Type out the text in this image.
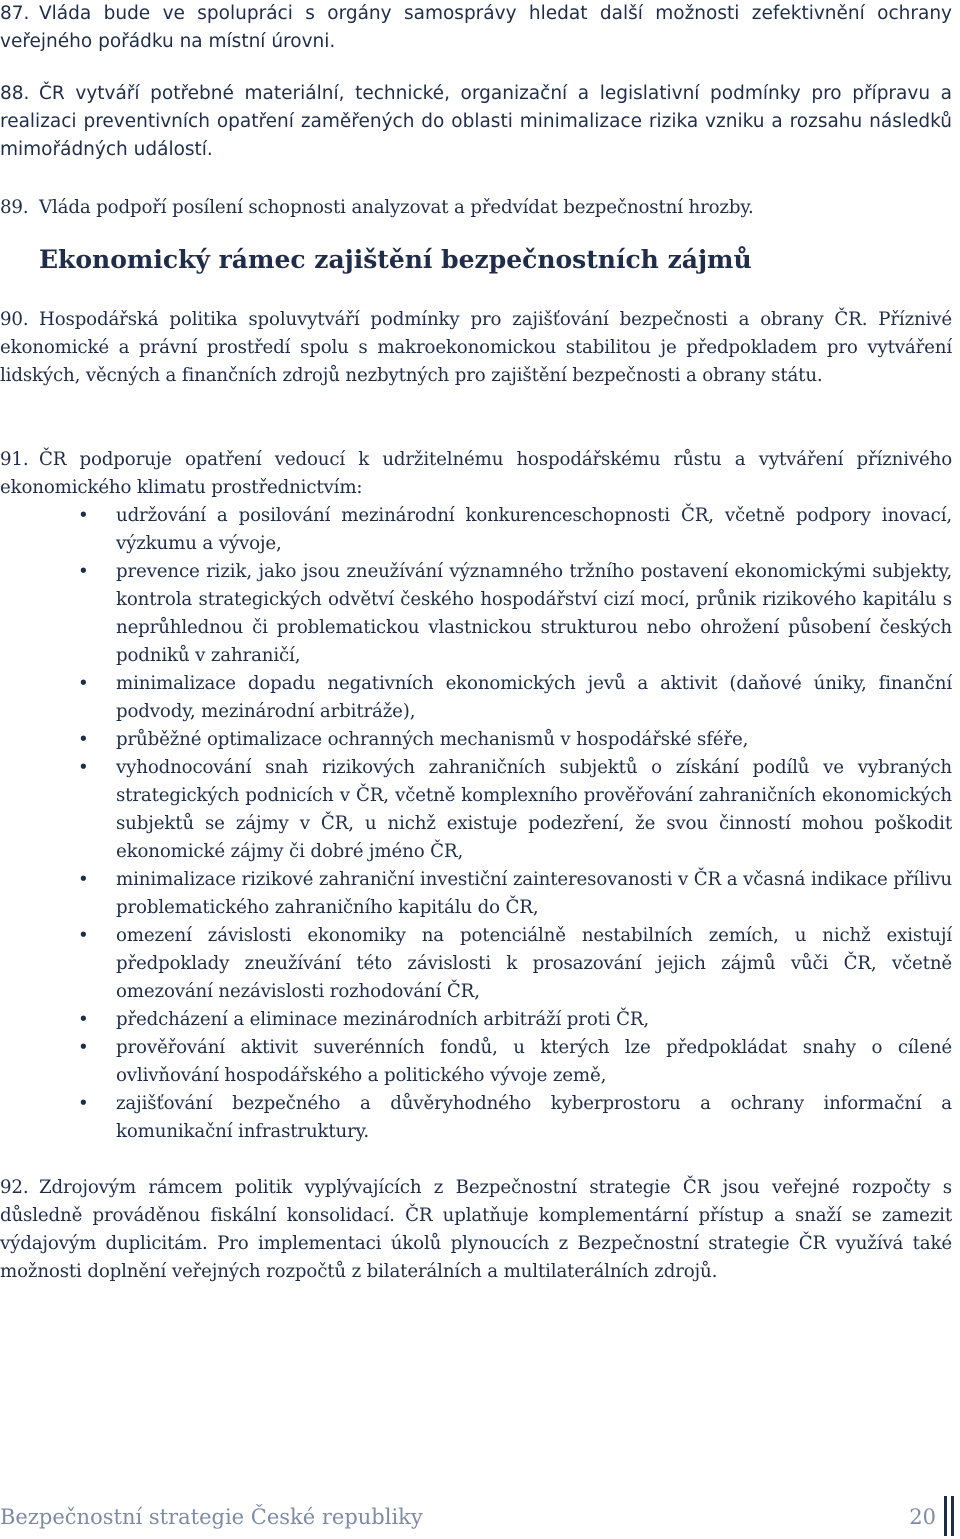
87. Vláda bude ve spolupráci s orgány samosprávy hledat další možnosti zefektivnění ochrany veřejného pořádku na místní úrovni.
88. ČR vytváří potřebné materiální, technické, organizační a legislativní podmínky pro přípravu a realizaci preventivních opatření zaměřených do oblasti minimalizace rizika vzniku a rozsahu následků mimořádných událostí.
89. Vláda podpoří posílení schopnosti analyzovat a předvídat bezpečnostní hrozby.
Ekonomický rámec zajištění bezpečnostních zájmů
90. Hospodářská politika spoluvytváří podmínky pro zajišťování bezpečnosti a obrany ČR. Příznivé ekonomické a právní prostředí spolu s makroekonomickou stabilitou je předpokladem pro vytváření lidských, věcných a finančních zdrojů nezbytných pro zajištění bezpečnosti a obrany státu.
91. ČR podporuje opatření vedoucí k udržitelnému hospodářskému růstu a vytváření příznivého ekonomického klimatu prostřednictvím:
• udržování a posilování mezinárodní konkurenceschopnosti ČR, včetně podpory inovací, výzkumu a vývoje,
• prevence rizik, jako jsou zneužívání významného tržního postavení ekonomickými subjekty, kontrola strategických odvětví českého hospodářství cizí mocí, průnik rizikového kapitálu s neprůhlednou či problematickou vlastnickou strukturou nebo ohrožení působení českých podniků v zahraničí,
• minimalizace dopadu negativních ekonomických jevů a aktivit (daňové úniky, finanční podvody, mezinárodní arbitráže),
• průběžné optimalizace ochranných mechanismů v hospodářské sféře,
• vyhodnocování snah rizikových zahraničních subjektů o získání podílů ve vybraných strategických podnicích v ČR, včetně komplexního prověřování zahraničních ekonomických subjektů se zájmy v ČR, u nichž existuje podezření, že svou činností mohou poškodit ekonomické zájmy či dobré jméno ČR,
• minimalizace rizikové zahraniční investiční zainteresovanosti v ČR a včasná indikace přílivu problematického zahraničního kapitálu do ČR,
• omezení závislosti ekonomiky na potenciálně nestabilních zemích, u nichž existují předpoklady zneužívání této závislosti k prosazování jejich zájmů vůči ČR, včetně omezování nezávislosti rozhodování ČR,
• předcházení a eliminace mezinárodních arbitráží proti ČR,
• prověřování aktivit suverénních fondů, u kterých lze předpokládat snahy o cílené ovlivňování hospodářského a politického vývoje země,
• zajišťování bezpečného a důvěryhodného kyberprostoru a ochrany informační a komunikační infrastruktury.
92. Zdrojovým rámcem politik vyplývajících z Bezpečnostní strategie ČR jsou veřejné rozpočty s důsledně prováděnou fiskální konsolidací. ČR uplatňuje komplementární přístup a snaží se zamezit výdajovým duplicitám. Pro implementaci úkolů plynoucích z Bezpečnostní strategie ČR využívá také možnosti doplnění veřejných rozpočtů z bilaterálních a multilaterálních zdrojů.
Bezpečnostní strategie České republiky	20
